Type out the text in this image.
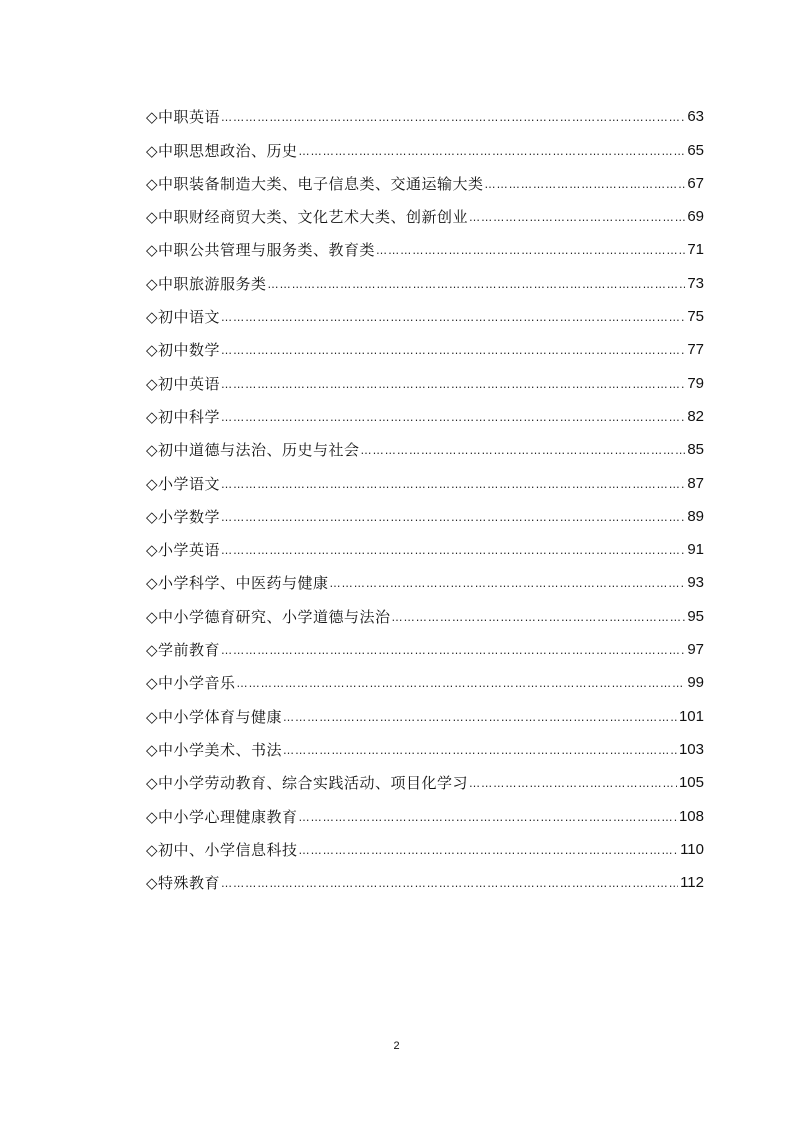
◇中职英语 …………………………………………………………………………………………………………………………………………	63
◇中职思想政治、历史 …………………………………………………………………………………………………………………………………………	65
◇中职装备制造大类、电子信息类、交通运输大类 …………………………………………………………………………………………………………………………………………	67
◇中职财经商贸大类、文化艺术大类、创新创业 …………………………………………………………………………………………………………………………………………	69
◇中职公共管理与服务类、教育类 …………………………………………………………………………………………………………………………………………	71
◇中职旅游服务类 …………………………………………………………………………………………………………………………………………	73
◇初中语文 …………………………………………………………………………………………………………………………………………	75
◇初中数学 …………………………………………………………………………………………………………………………………………	77
◇初中英语 …………………………………………………………………………………………………………………………………………	79
◇初中科学 …………………………………………………………………………………………………………………………………………	82
◇初中道德与法治、历史与社会 …………………………………………………………………………………………………………………………………………	85
◇小学语文 …………………………………………………………………………………………………………………………………………	87
◇小学数学 …………………………………………………………………………………………………………………………………………	89
◇小学英语 …………………………………………………………………………………………………………………………………………	91
◇小学科学、中医药与健康 …………………………………………………………………………………………………………………………………………	93
◇中小学德育研究、小学道德与法治 …………………………………………………………………………………………………………………………………………	95
◇学前教育 …………………………………………………………………………………………………………………………………………	97
◇中小学音乐 …………………………………………………………………………………………………………………………………………	99
◇中小学体育与健康 …………………………………………………………………………………………………………………………………………	101
◇中小学美术、书法 …………………………………………………………………………………………………………………………………………	103
◇中小学劳动教育、综合实践活动、项目化学习 …………………………………………………………………………………………………………………………………………	105
◇中小学心理健康教育 …………………………………………………………………………………………………………………………………………	108
◇初中、小学信息科技 …………………………………………………………………………………………………………………………………………	110
◇特殊教育 …………………………………………………………………………………………………………………………………………	112
2
